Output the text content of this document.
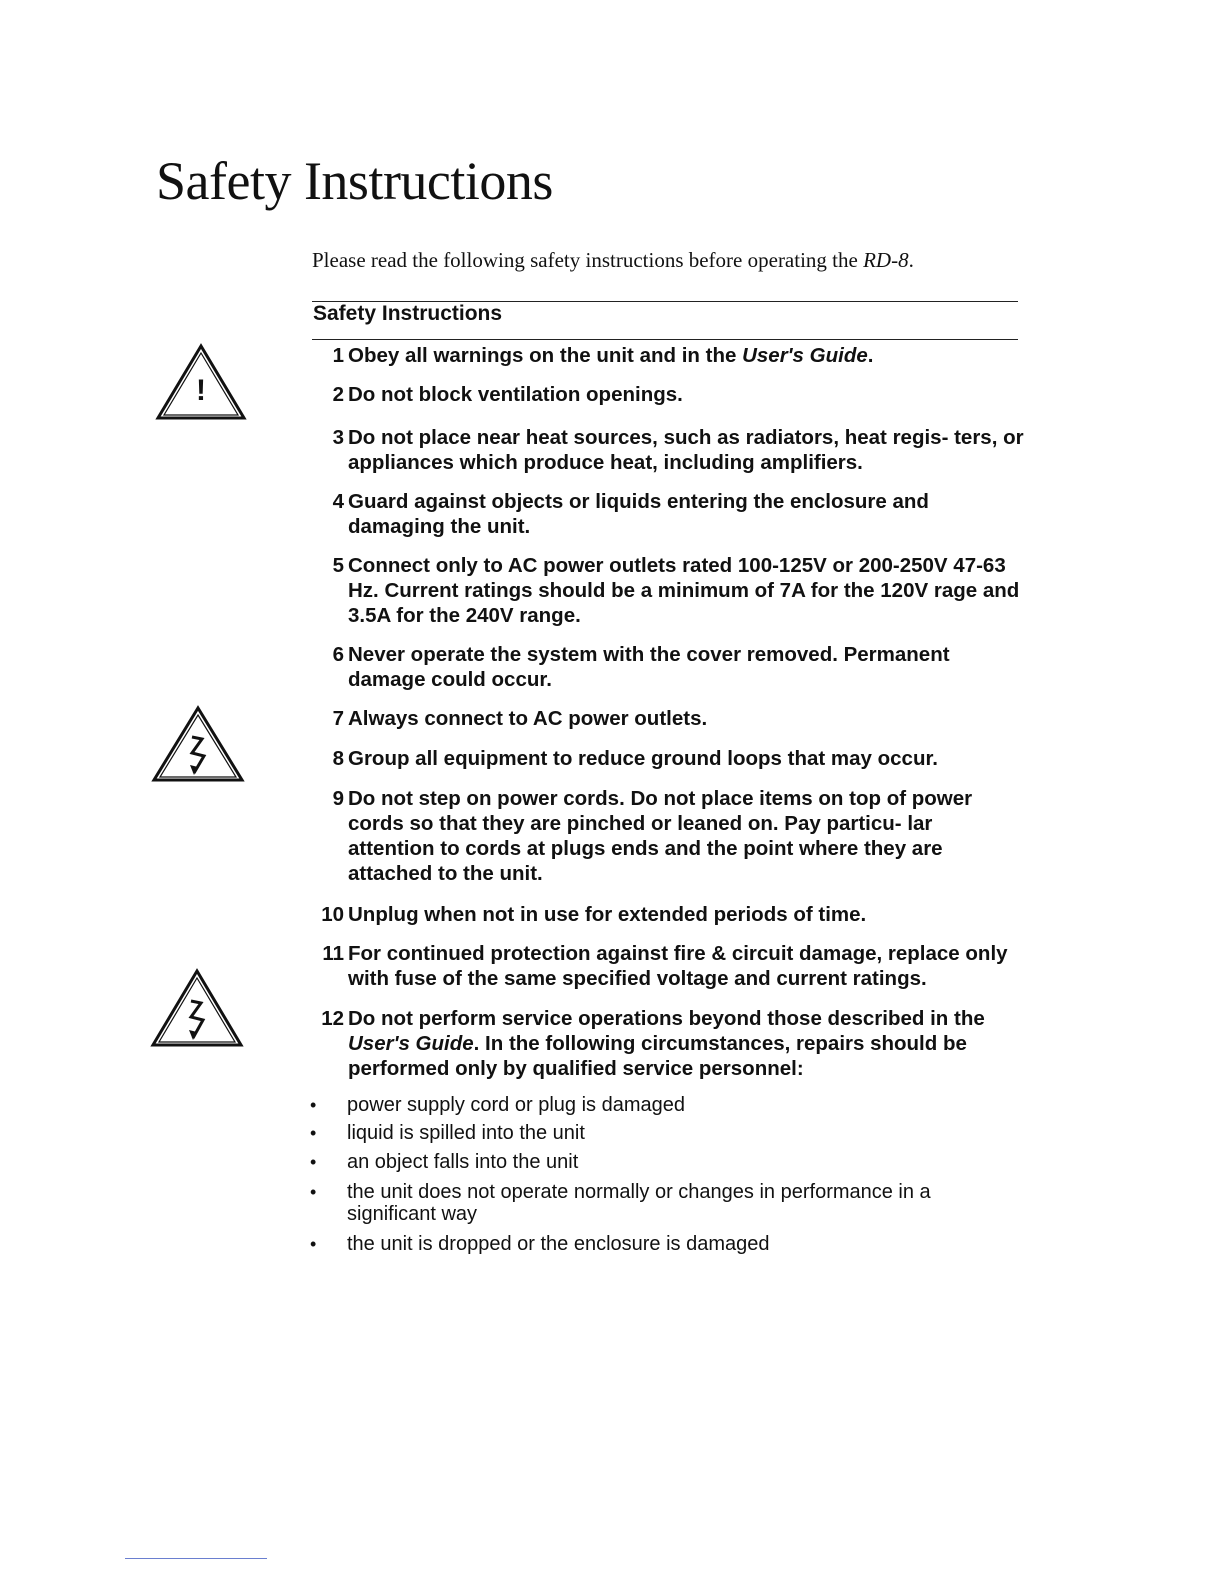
Safety Instructions

Please read the following safety instructions before operating the RD-8.

Safety Instructions
!
1 Obey all warnings on the unit and in the User's Guide.
2 Do not block ventilation openings.
3 Do not place near heat sources, such as radiators, heat regis- ters, or appliances which produce heat, including amplifiers.
4 Guard against objects or liquids entering the enclosure and damaging the unit.
5 Connect only to AC power outlets rated 100-125V or 200-250V 47-63 Hz. Current ratings should be a minimum of 7A for the 120V rage and 3.5A for the 240V range.
6 Never operate the system with the cover removed. Permanent damage could occur.
7 Always connect to AC power outlets.
8 Group all equipment to reduce ground loops that may occur.
9 Do not step on power cords. Do not place items on top of power cords so that they are pinched or leaned on. Pay particu- lar attention to cords at plugs ends and the point where they are attached to the unit.
10 Unplug when not in use for extended periods of time.
11 For continued protection against fire & circuit damage, replace only with fuse of the same specified voltage and current ratings.
12 Do not perform service operations beyond those described in the User's Guide. In the following circumstances, repairs should be performed only by qualified service personnel:
•	power supply cord or plug is damaged
•	liquid is spilled into the unit
•	an object falls into the unit
•	the unit does not operate normally or changes in performance in a significant way
•	the unit is dropped or the enclosure is damaged
